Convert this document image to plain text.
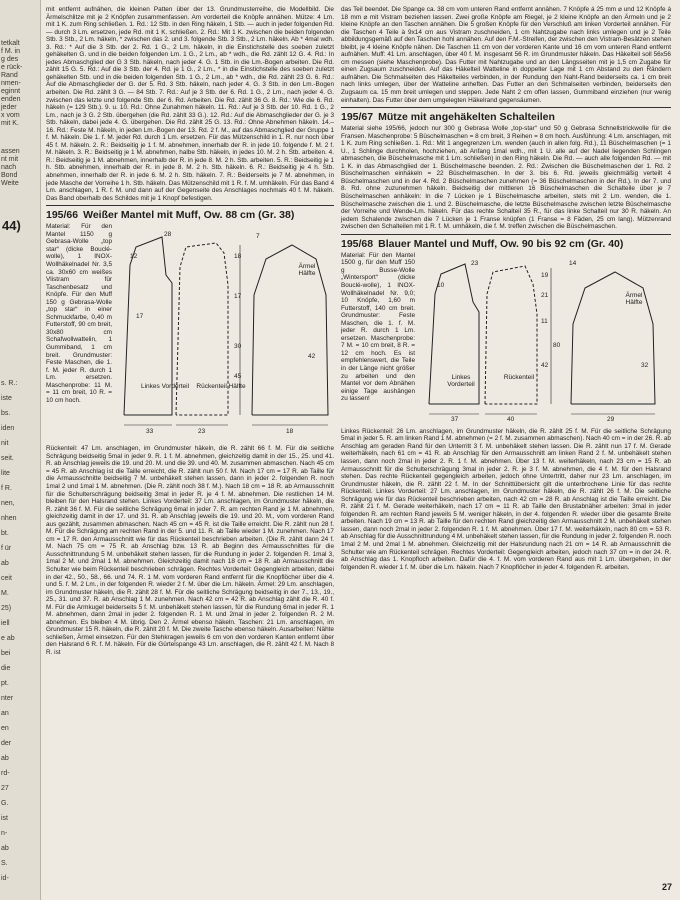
44)
tetkalt
f M. in
g des
e rück-
Rand
nmen-
eginnt
enden
jeder
x vom
mit K.
assen
nt mit
nach
Bond
Weite
s. R.:
iste
bs.
iden
nit
seit.
lite
f R.
nen,
nhen
bt.
f ür
ab
ceit
M.
25)
iell
e ab
bei
die
pt.
nter
an
en
der
ab
rd-
27
G.
ist
n-
ab
S.
id-

mit entfernt aufnähen, die kleinen Patten über der 13. Grundmusterreihe, die Modellbild. Die Ärmelschlitze mit je 2 Knöpfen zusammenfassen. Am vorderteil die Knöpfe annähen. Mütze: 4 Lm. mit 1 K. zum Ring schließen. 1. Rd.: 12 Stb. in den Ring häkeln, 1 Stb. — auch in jeder folgenden Rd. — durch 3 Lm. ersetzen, jede Rd. mit 1 K. schließen. 2. Rd.: Mit 1 K. zwischen die beiden folgenden Stb. 3 Stb., 2 Lm. häkeln, * zwischen das 2. und 3. folgende Stb. 3 Stb., 2 Lm. häkeln. Ab * 4mal wdh. 3. Rd.: * Auf die 3 Stb. der 2. Rd. 1 G., 2 Lm. häkeln, in die Einstichstelle des soeben zuletzt gehäkelten G. und in die beiden folgenden Lm. 1 G., 2 Lm., ab * wdh., die Rd. zählt 12 G. 4. Rd.: In jedes Abmaschglied der G 3 Stb. häkeln, nach jeder 4. G. 1 Stb. in die Lm.-Bogen arbeiten. Die Rd. zählt 15 G. 5. Rd.: Auf die 3 Stb. der 4. Rd. je 1 G., 2 Lm., * in die Einstichstelle des soeben zuletzt gehäkelten Stb. und in die beiden folgenden Stb. 1 G., 2 Lm., ab * wdh., die Rd. zählt 23 G. 6. Rd.: Auf die Abmaschglieder der G. der 5. Rd. 3 Stb. häkeln, nach jeder 4. G. 3 Stb. in den Lm.-Bogen arbeiten. Die Rd. zählt 3 G. — 84 Stb. 7. Rd.: Auf je 3 Stb. der 6. Rd. 1 G., 2 Lm., nach jeder 4. G. zwischen das letzte und folgende Stb. der 6. Rd. Arbeiten. Die Rd. zählt 36 G. 8. Rd.: Wie die 6. Rd. häkeln (= 129 Stb.). 9. u. 10. Rd.: Ohne Zunahmen häkeln. 11. Rd.: Auf je 3 Stb. der 10. Rd. 1 G., 2 Lm., nach je 3 G. 2 Stb. übergehen (die Rd. zählt 33 G.). 12. Rd.: Auf die Abmaschglieder der G. je 3 Stb. häkeln, dabei jede 4. G. übergehen. Die Rd. zählt 25 G. 13. Rd.: Ohne Abnehmen häkeln. 14.–16. Rd.: Feste M. häkeln, in jeden Lm.-Bogen der 13. Rd. 2 f. M., auf das Abmaschglied der Gruppe 1 f. M. häkeln. Die 1. f. M. jeder Rd. durch 1 Lm. ersetzen. Für das Mützenschild in 1. R. nur noch über 45 f. M. häkeln. 2. R.: Beidseitig je 1 f. M. abnehmen, innerhalb der R. in jede 10. folgende f. M. 2 f. M. häkeln. 3. R.: Beidseitig je 1 M. abnehmen, halbe Stb. häkeln, in jedes 10. M. 2 h. Stb. arbeiten. 4. R.: Beidseitig je 1 M. abnehmen, innerhalb der R. in jede 8. M. 2 h. Stb. arbeiten. 5. R.: Beidseitig je 1 h. Stb. abnehmen, innerhalb der R. in jede 8. M. 2 h. Stb. häkeln. 6. R.: Beidseitig je 4 h. Stb. abnehmen, innerhalb der R. in jede 6. M. 2 h. Stb. häkeln. 7. R.: Beiderseits je 7 M. abnehmen, in jede Masche der Vorreihe 1 h. Stb. häkeln. Das Mützenschild mit 1 R. f. M. umhäkeln. Für das Band 4 Lm. anschlagen, 1 R. f. M. und dann auf der Gegenseite des Anschlages nochmals 40 f. M. häkeln. Das Band oberhalb des Schildes mit je 1 Knopf befestigen.

195/66 Weißer Mantel mit Muff, Ow. 88 cm (Gr. 38)

Material: Für den Mantel 1150 g Gebrasa-Wolle „top star“ (dicke Bouclé-wolle), 1 INOX-Wollhäkelnadel Nr. 3,5 ca. 30x60 cm weißes Vlistram für Taschenbesatz und Knöpfe. Für den Muff 150 g Gebrasa-Wolle „top star“ in einer Schmuckfarbe, 0,40 m Futterstoff, 90 cm breit, 30x80 cm Schafwollwattelin, 1 Gummiband, 1 cm breit. Grundmuster: Feste Maschen, die 1. f. M. jeder R. durch 1 Lm. ersetzen. Maschenprobe: 11 M. = 11 cm breit, 10 R. = 10 cm hoch.

Linkes Vorderteil Rückenteil Hälfte
Ärmel Hälfte
33	23	18
30
45
17
18
28
12
42
17
7

Rückenteil: 47 Lm. anschlagen, im Grundmuster häkeln, die R. zählt 66 f. M. Für die seitliche Schrägung beidseitig 5mal in jeder 9. R. 1 f. M. abnehmen, gleichzeitig damit in der 15., 25. und 41. R. ab Anschlag jeweils die 19. und 20. M. und die 39. und 40. M. zusammen abmaschen. Nach 45 cm = 45 R. ab Anschlag ist die Taille erreicht, die R. zählt nun 50 f. M. Nach 17 cm = 17 R. ab Taille für die Armausschnitte beidseitig 7 M. unbehäkelt stehen lassen, dann in jeder 2. folgenden R. noch 1mal 2 und 1mal 1 M. abnehmen. (Die R. zählt noch 38 f. M.). Nach 18 cm = 18 R. ab Armausschnitt für die Schulterschrägung beidseitig 3mal in jeder R. je 4 f. M. abnehmen. Die restlichen 14 M. bleiben für den Halsrand stehen. Linkes Vorderteil: 37 Lm. anschlagen, im Grundmuster häkeln, die R. zählt 36 f. M. Für die seitliche Schrägung 6mal in jeder 7. R. am rechten Rand je 1 M. abnehmen, gleichzeitig damit in der 17. und 31. R. ab Anschlag jeweils die 19. und 20. M., vom vorderen Rand aus gezählt, zusammen abmaschen. Nach 45 cm = 45 R. ist die Taille erreicht. Die R. zählt nun 28 f. M. Für die Schrägung am rechten Rand in der 5. und 11. R. ab Taille wieder 1 M. zunehmen. Nach 17 cm = 17 R. den Armausschnitt wie für das Rückenteil beschrieben arbeiten. (Die R. zählt dann 24 f. M. Nach 75 cm = 75 R. ab Anschlag bzw. 13 R. ab Beginn des Armausschnittes für die Ausschnittrundung 5 M. unbehäkelt stehen lassen, für die Rundung in jeder 2. folgenden R. 1mal 3, 1mal 2 M. und 2mal 1 M. abnehmen. Gleichzeitig damit nach 18 cm = 18 R. ab Armausschnitt die Schulter wie beim Rückenteil beschrieben schrägen. Rechtes Vorderteil: Gegengleich arbeiten, dabei in der 42., 50., 58., 66. und 74. R. 1 M. vom vorderen Rand entfernt für die Knopflöcher über die 4. und 5. f. M. 2 Lm., in der folgenden R. wieder 2 f. M. über die Lm. häkeln. Ärmel: 29 Lm. anschlagen, im Grundmuster häkeln, die R. zählt 28 f. M. Für die seitliche Schrägung beidseitig in der 7., 13., 19., 25., 31. und 37. R. ab Anschlag 1 M. zunehmen. Nach 42 cm = 42 R. ab Anschlag zählt die R. 40 f. M. Für die Armkugel beiderseits 5 f. M. unbehäkelt stehen lassen, für die Rundung 6mal in jeder R. 1 M. abnehmen, dann 2mal in jeder 2. folgenden R. 1 M. und 2mal in jeder 2. folgenden R. 2 M. abnehmen. Es bleiben 4 M. übrig. Den 2. Ärmel ebenso häkeln. Taschen: 21 Lm. anschlagen, im Grundmuster 15 R. häkeln, die R. zählt 20 f. M. Die zweite Tasche ebenso häkeln. Ausarbeiten: Nähte schließen, Ärmel einsetzen. Für den Stehkragen jeweils 6 cm von den vorderen Kanten entfernt über den Halsrand 6 R. f. M. häkeln. Für die Gürtelspange 43 Lm. anschlagen, die R. zählt 42 f. M. Nach 8 R. ist

das Teil beendet. Die Spange ca. 38 cm vom unteren Rand entfernt annähen. 7 Knöpfe á 25 mm ⌀ und 12 Knöpfe á 18 mm ⌀ mit Vistram beziehen lassen. Zwei große Knöpfe am Riegel, je 2 kleine Knöpfe an den Ärmeln und je 2 kleine Knöpfe an den Taschen annähen. Die 5 großen Knöpfe für den Verschluß am linken Vorderteil annähen. Für die Taschen 4 Teile à 9x14 cm aus Vistram zuschneiden, 1 cm Nahtzugabe nach links umlegen und je 2 Teile abbildungsgemäß auf den Taschen hohl annähen. Auf den F.M.-Streifen, der zwischen den Vistram-Besätzen stehen bleibt, je 4 kleine Knöpfe nähen. Die Taschen 11 cm von der vorderen Kante und 16 cm vom unteren Rand entfernt aufnähen. Muff: 41 Lm. anschlagen, über 40 f. M. insgesamt 56 R. im Grundmuster häkeln. Das Häkelteil soll 56x56 cm messen (siehe Maschenprobe). Das Futter mit Nahtzugabe und an den Längsseiten mit je 1,5 cm Zugabe für einen Zugsaum zuschneiden. Auf das Häkelteil Watteline in doppelter Lage mit 1 cm Abstand zu den Rändern aufnähen. Die Schmalseiten des Häkelteiles verbinden, in der Rundung den Naht-Rand beiderseits ca. 1 cm breit nach links umlegen, über der Watteline anheften. Das Futter an den Schmalseiten verbinden, beiderseits den Zugsaum ca. 15 mm breit umlegen und steppen. Jede Naht 2 cm offen lassen, Gummiband einziehen (nur wenig einhalten). Das Futter über dem umgelegten Häkelrand gegensäumen.

195/67 Mütze mit angehäkelten Schalteilen

Material siehe 195/66, jedoch nur 300 g Gebrasa Wolle „top-star“ und 50 g Gebrasa Schnellstrickwolle für die Fransen. Maschenprobe: 5 Büschelmaschen = 8 cm breit, 3 Reihen = 8 cm hoch. Ausführung: 4 Lm. anschlagen, mit 1 K. zum Ring schließen. 1. Rd.: Mit 1 angegrenzen Lm. wenden (auch in allen folg. Rd.), 11 Büschelmaschen (= 1 U., 1 Schlinge durchholen, hochziehen, ab Anfang 1mal wdh., mit 1 U. alle auf der Nadel liegenden Schlingen abmaschen, die Büschelmasche mit 1 Lm. schließen) in den Ring häkeln. Die Rd. — auch alle folgenden Rd. — mit 1 K. in das Abmaschglied der 1. Büschelmasche beenden. 2. Rd.: Zwischen die Büschelmaschen der 1. Rd. 2 Büschelmaschen einhäkeln = 22 Büschelmaschen. In der 3. bis 6. Rd. jeweils gleichmäßig verteilt 4 Büschelmaschen und in der 4. Rd. 2 Büschelmaschen zunehmen (= 36 Büschelmaschen in der Rd.). In der 7. und 8. Rd. ohne zuzunehmen häkeln. Beidseitig der mittleren 16 Büschelmaschen die Schalteile über je 7 Büschelmaschen anhäkeln: In die 7 Lücken je 1 Büschelmasche arbeiten, stets mit 2 Lm. wenden, die 1. Büschelmasche zwischen die 1. und 2. Büschelmasche, die letzte Büschelmasche zwischen letzte Büschelmasche der Vorreihe und Wende-Lm. häkeln. Für das rechte Schalteil 35 R., für das linke Schalteil nur 30 R. häkeln. An jedem Schalende zwischen die 7 Lücken je 1 Franse knüpfen (1 Franse = 8 Fäden, 25 cm lang). Mützenrand zwischen den Schalteilen mit 1 R. f. M. umhäkeln, die f. M. treffen zwischen die Büschelmaschen.

195/68 Blauer Mantel und Muff, Ow. 90 bis 92 cm (Gr. 40)

Material: Für den Mantel 1500 g, für den Muff 150 g Busse-Wolle „Wintersport“ (dicke Bouclé-wolle), 1 INOX-Wollhäkelnadel Nr. 9,0; 10 Knöpfe, 1,60 m Futterstoff, 140 cm breit. Grundmuster: Feste Maschen, die 1. f. M. jeder R. durch 1 Lm. ersetzen. Maschenprobe: 7 M. = 10 cm breit, 8 R. = 12 cm hoch. Es ist empfehlenswert, die Teile in der Länge nicht größer zu arbeiten und den Mantel vor dem Abnähen einige Tage aushängen zu lassen!

Linkes Vorderteil
Rückenteil
Ärmel Hälfte
37	40	29
19
21
11
42
80
10
23
32
14

Linkes Rückenteil: 26 Lm. anschlagen, im Grundmuster häkeln, die R. zählt 25 f. M. Für die seitliche Schrägung 5mal in jeder 5. R. am linken Rand 1 M. abnehmen (= 2 f. M. zusammen abmaschen). Nach 40 cm = in der 26. R. ab Anschlag am geraden Rand für den Unterritt 3 f. M. unbehäkelt stehen lassen. Die R. zählt nun 17 f. M. Gerade weiterhäkeln, nach 61 cm = 41 R. ab Anschlag für den Armausschnitt am linken Rand 2 f. M. unbehäkelt stehen lassen, dann noch 2mal in jeder 2. R. 1 f. M. abnehmen. Über 13 f. M. weiterhäkeln, nach 23 cm = 15 R. ab Armausschnitt für die Schulterschrägung 3mal in jeder 2. R. je 3 f. M. abnehmen, die 4 f. M. für den Halsrand stehen. Das rechte Rückenteil gegengleich arbeiten, jedoch ohne Untertritt, daher nur 23 Lm. anschlagen, im Grundmuster häkeln, die R. zählt 22 f. M. In der Schnittübersicht gilt die unterbrochene Linie für das rechte Rückenteil. Linkes Vorderteil: 27 Lm. anschlagen, im Grundmuster häkeln, die R. zählt 26 f. M. Die seitliche Schrägung wie für das Rückenteil beschrieben arbeiten, nach 42 cm = 28 R. ab Anschlag ist die Taille erreicht. Die R. zählt 21 f. M. Gerade weiterhäkeln, nach 17 cm = 11 R. ab Taille den Brustabnäher arbeiten: 3mal in jeder folgenden R. am rechten Rand jeweils 5 M. weniger häkeln, in der 4. folgenden R. wieder über die gesamte Breite arbeiten. Nach 19 cm = 13 R. ab Taille für den rechten Rand gleichzeitig den Armausschnitt 2 M. unbehäkelt stehen lassen, dann noch 2mal in jeder 2. folgenden R. 1 f. M. abnehmen. Über 17 f. M. weiterhäkeln, nach 80 cm = 53 R. ab Anschlag für die Ausschnittrundung 4 M. unbehäkelt stehen lassen, für die Rundung in jeder 2. folgenden R. noch 1mal 2 M. und 2mal 1 M. abnehmen. Gleichzeitig mit der Halsrundung nach 21 cm = 14 R. ab Armausschnitt die Schulter wie am Rückenteil schrägen. Rechtes Vorderteil: Gegengleich arbeiten, jedoch nach 37 cm = in der 24. R. ab Anschlag das 1. Knopfloch arbeiten. Dafür die 4. f. M. vom vorderen Rand aus mit 1 Lm. übergehen, in der folgenden R. wieder 1 f. M. über die Lm. häkeln. Nach 7 Knopflöcher in jeder 4. folgenden R. arbeiten.

27
